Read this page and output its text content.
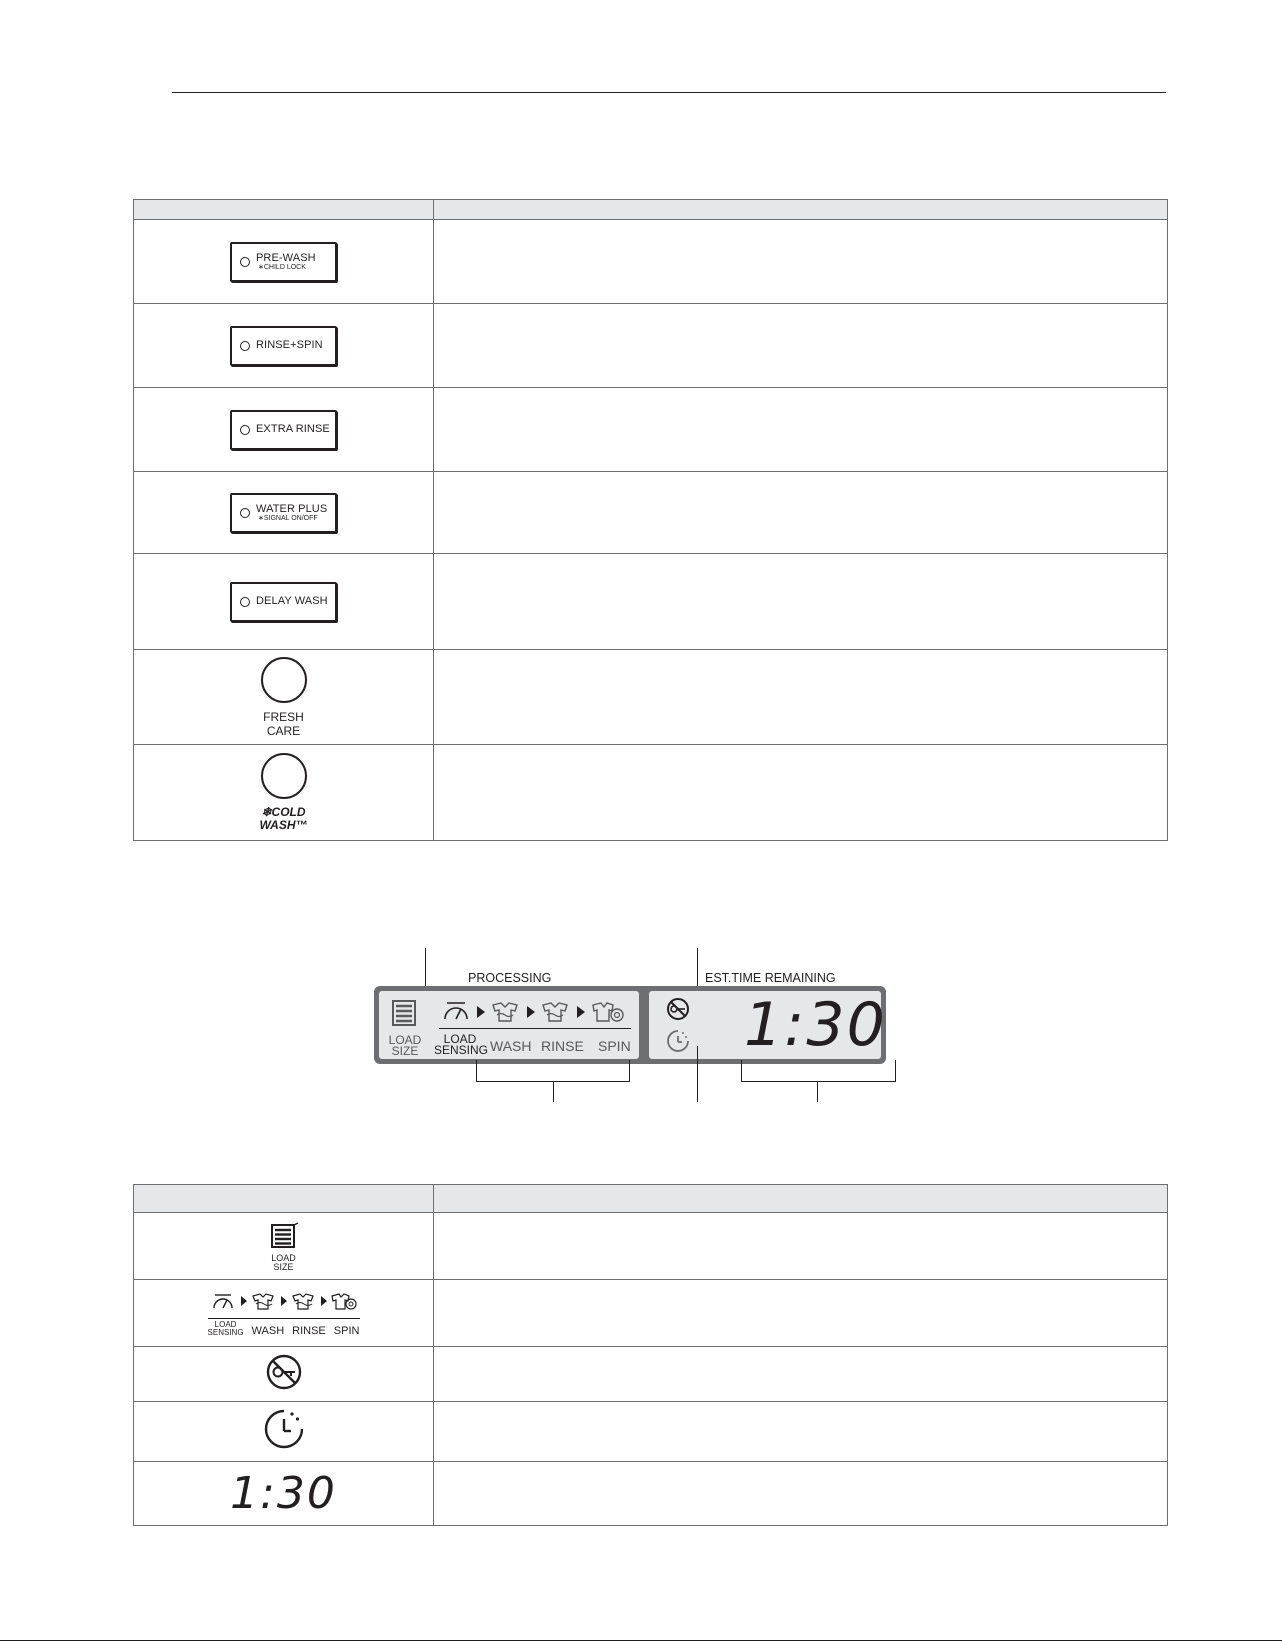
PRE-WASH
∗CHILD LOCK	

RINSE+SPIN	

EXTRA RINSE	

WATER PLUS
∗SIGNAL ON/OFF	

DELAY WASH	

FRESH
CARE	

❄COLD
WASH™	

PROCESSING	EST.TIME REMAINING
LOAD
SIZE
LOAD
SENSING WASH RINSE SPIN 1:30

LOAD
SIZE	

LOAD
SENSING WASH RINSE SPIN	

1:30	
